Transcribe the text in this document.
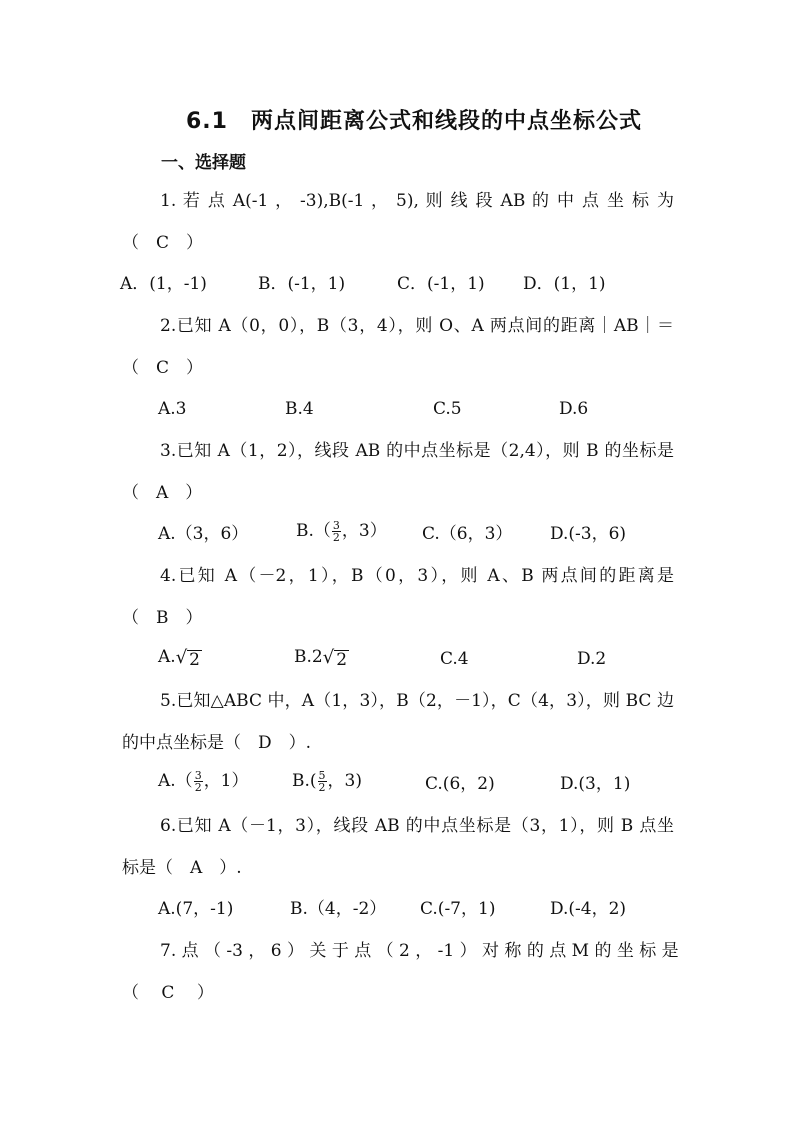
6.1　两点间距离公式和线段的中点坐标公式
一、选择题
1. 若 点 A(-1 ， -3),B(-1 ， 5), 则 线 段 AB 的 中 点 坐 标 为
（　C　）
A．(1，-1)	B．(-1，1)	C．(-1，1) D．(1，1)
2.已知 A（0，0），B（3，4），则 O、A 两点间的距离｜AB｜＝
（　C　）
A.3	B.4	C.5	D.6
3.已知 A（1，2），线段 AB 的中点坐标是（2,4），则 B 的坐标是
（　A　）
A.（3，6）	$B.( \frac{3}{2}$ ，3） C.（6，3） D.(-3，6)
4.已知 A（－2，1），B（0，3），则 A、B 两点间的距离是
（　B　）
A. √ 2	B.2 √ 2	C.4	D.2
5.已知△ABC 中，A（1，3），B（2，－1），C（4，3），则 BC 边
的中点坐标是（　D　）.
$A.( \frac{3}{2}$ ，1）	$B.( \frac{5}{2}$ ，3)	C.(6，2)	D.(3，1)
6.已知 A（－1，3），线段 AB 的中点坐标是（3，1），则 B 点坐
标是（　A　）.
A.(7，-1)	B.（4，-2） C.(-7，1)	D.(-4，2)
7. 点 （ -3 ， 6 ） 关 于 点 （ 2 ， -1 ） 对 称 的 点 M 的 坐 标 是
（　 C　 ）
